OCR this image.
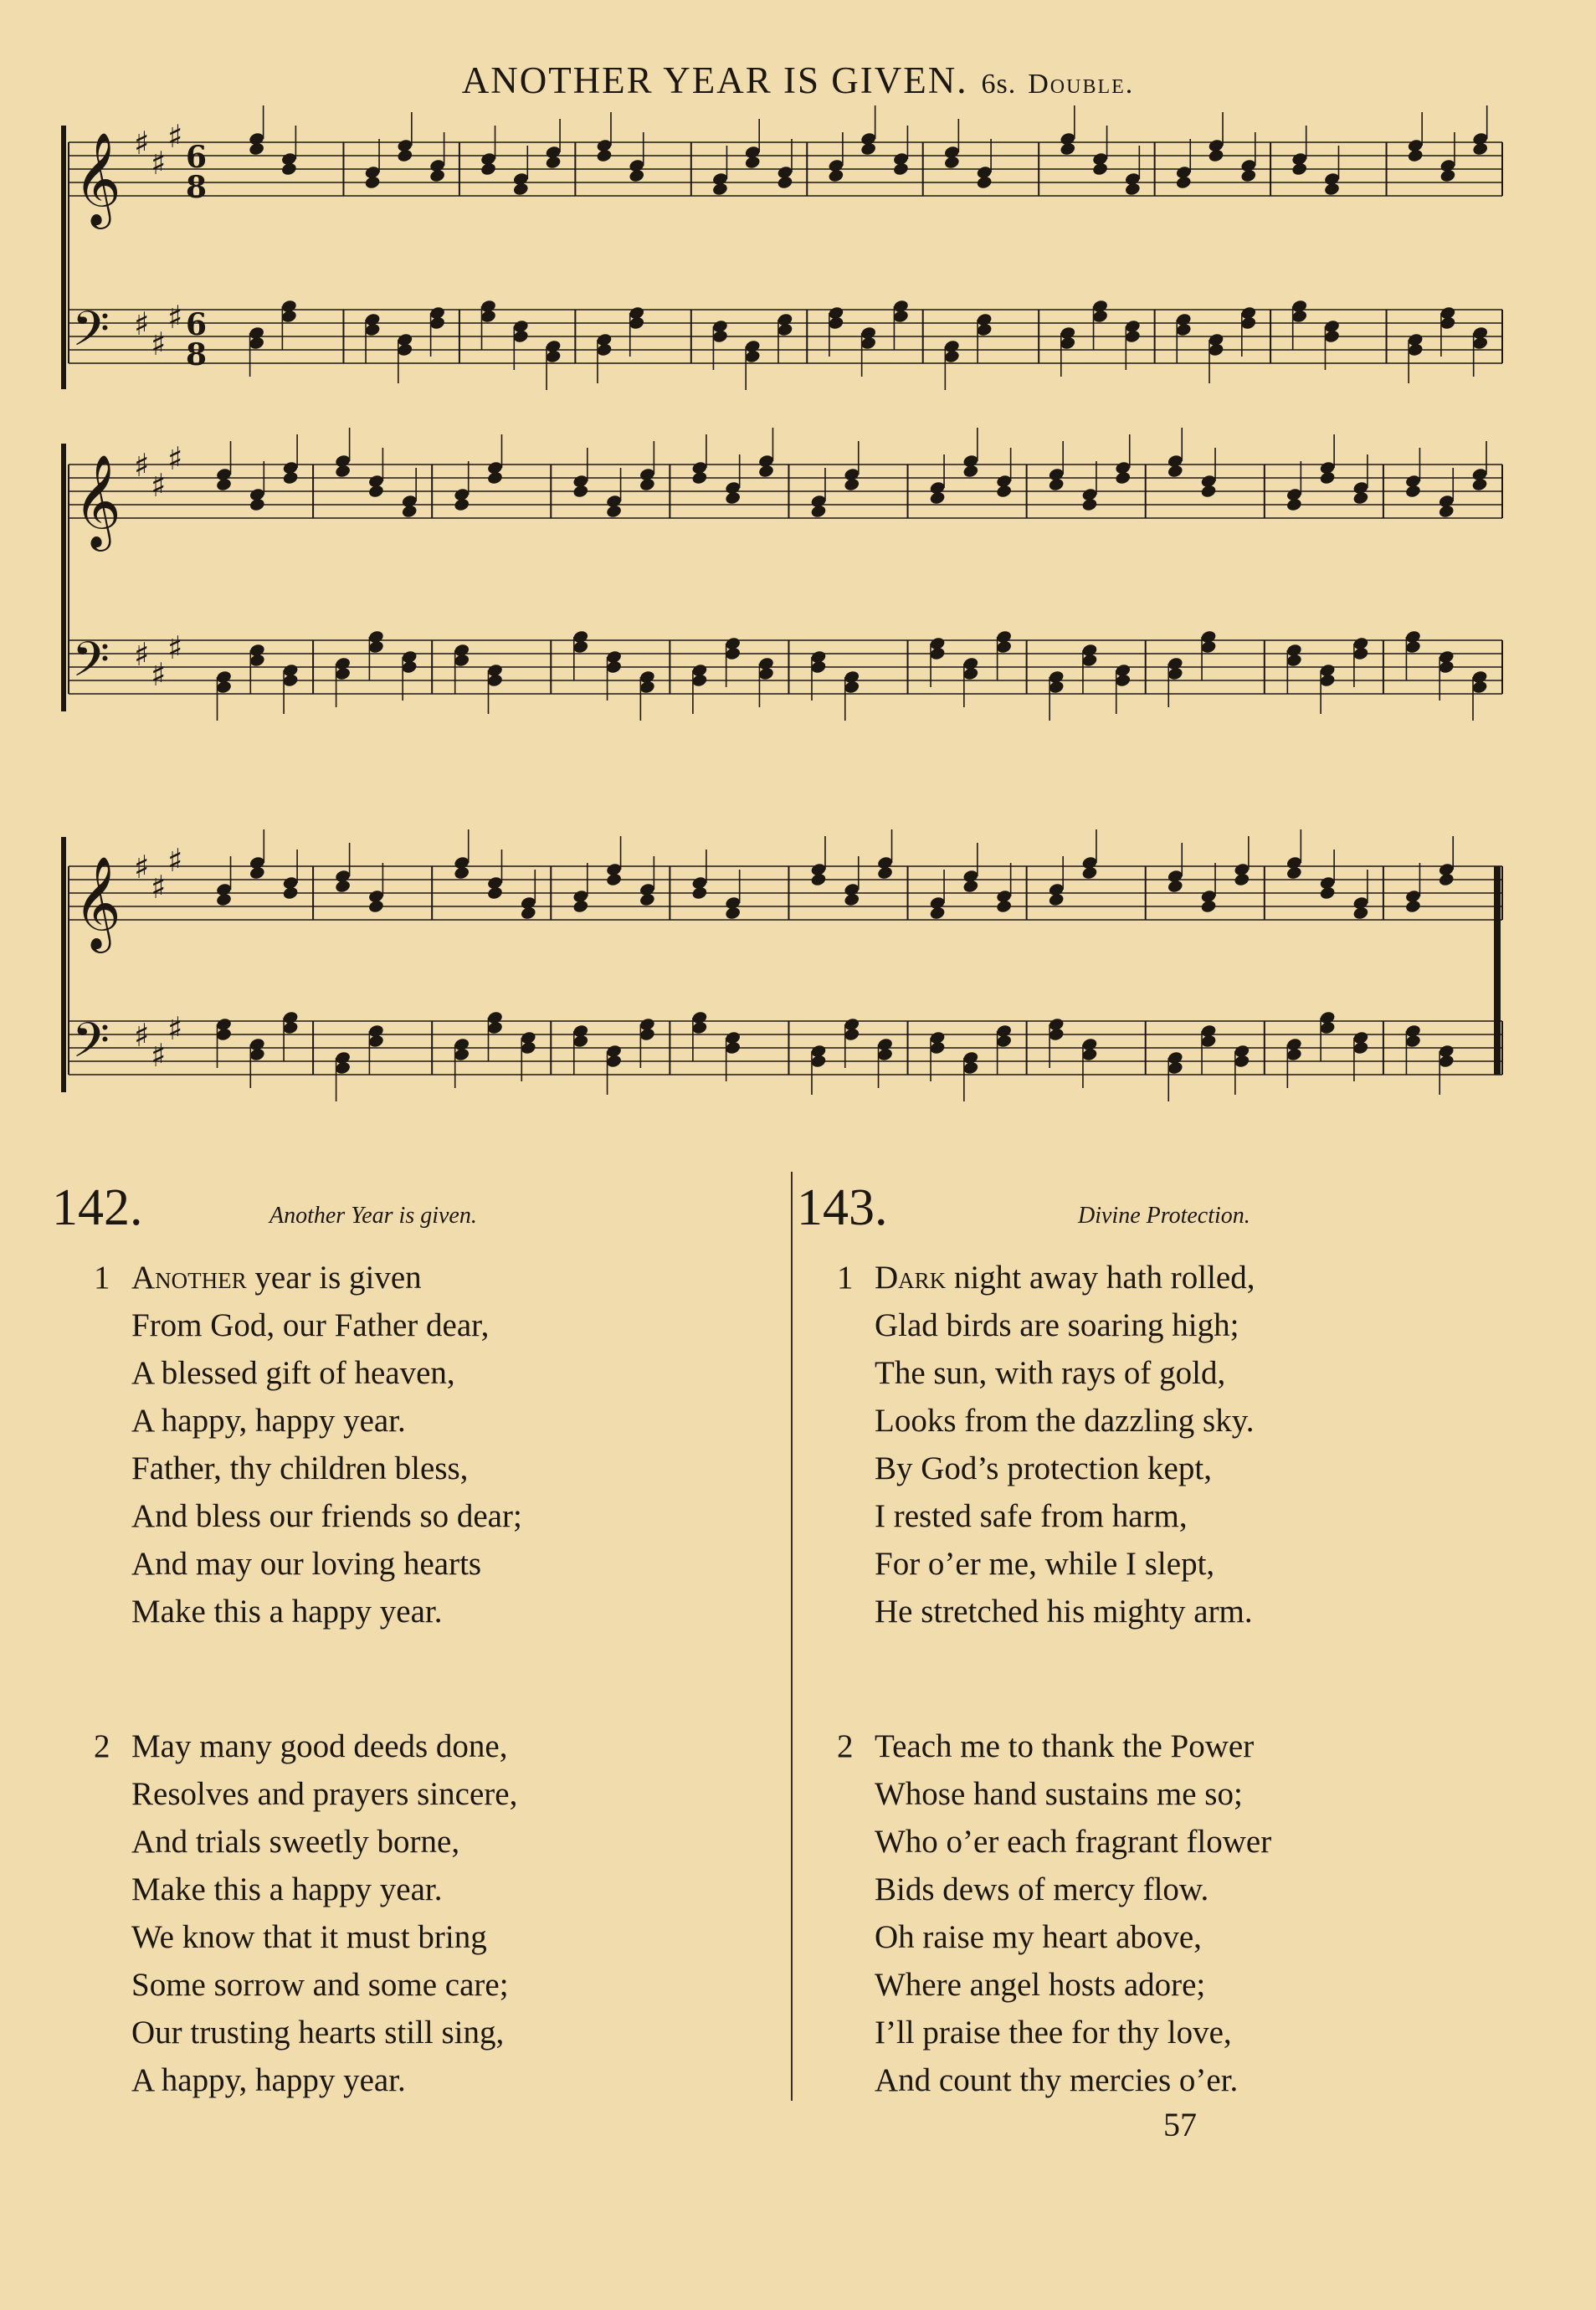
ANOTHER YEAR IS GIVEN. 6s. Double.
𝄞 ♯
♯
♯
6
8
𝄢 ♯
♯
♯ 6
8
𝄞 ♯
♯
♯
𝄢 ♯
♯
♯
𝄞 ♯
♯
♯
𝄢 ♯
♯
♯
142.	Another Year is given.
1 Another year is given
From God, our Father dear,
A blessed gift of heaven,
A happy, happy year.
Father, thy children bless,
And bless our friends so dear;
And may our loving hearts
Make this a happy year.
2 May many good deeds done,
Resolves and prayers sincere,
And trials sweetly borne,
Make this a happy year.
We know that it must bring
Some sorrow and some care;
Our trusting hearts still sing,
A happy, happy year.
143.	Divine Protection.
1 Dark night away hath rolled,
Glad birds are soaring high;
The sun, with rays of gold,
Looks from the dazzling sky.
By God’s protection kept,
I rested safe from harm,
For o’er me, while I slept,
He stretched his mighty arm.
2 Teach me to thank the Power
Whose hand sustains me so;
Who o’er each fragrant flower
Bids dews of mercy flow.
Oh raise my heart above,
Where angel hosts adore;
I’ll praise thee for thy love,
And count thy mercies o’er.
57
